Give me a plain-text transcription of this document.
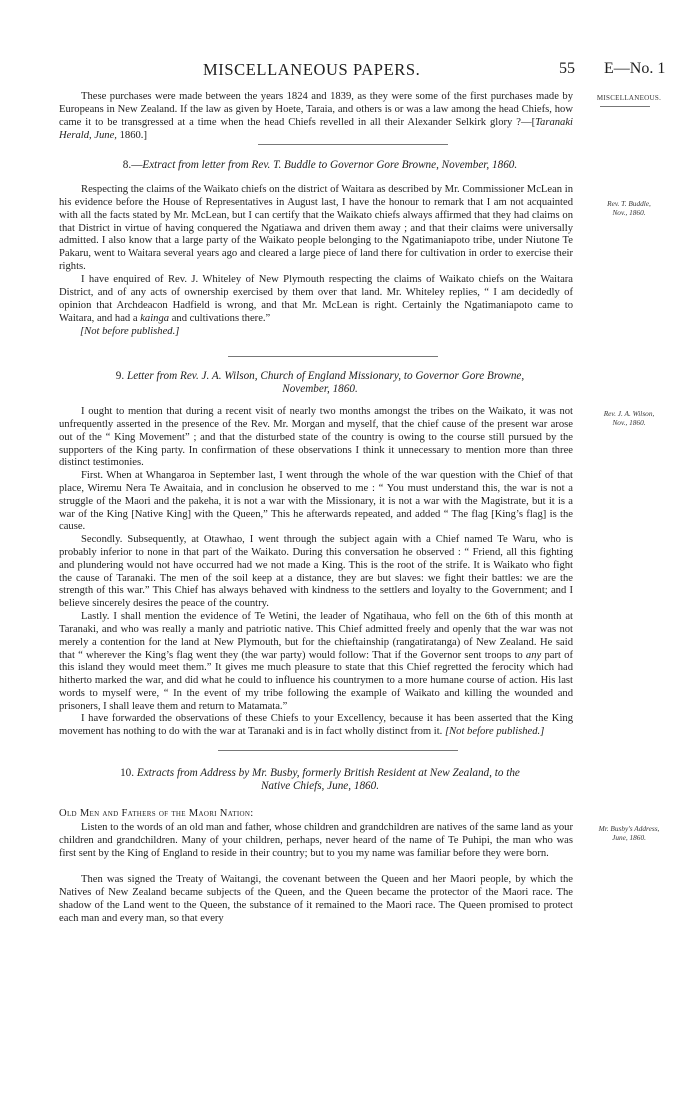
MISCELLANEOUS PAPERS.	55 E—No. 1

These purchases were made between the years 1824 and 1839, as they were some of the first purchases made by Europeans in New Zealand. If the law as given by Hoete, Taraia, and others is or was a law among the head Chiefs, how came it to be transgressed at a time when the head Chiefs revelled in all their Alexander Selkirk glory ?—[Taranaki Herald, June, 1860.]

MISCELLANEOUS.

8.—Extract from letter from Rev. T. Buddle to Governor Gore Browne, November, 1860.

Respecting the claims of the Waikato chiefs on the district of Waitara as described by Mr. Commissioner McLean in his evidence before the House of Representatives in August last, I have the honour to remark that I am not acquainted with all the facts stated by Mr. McLean, but I can certify that the Waikato chiefs always affirmed that they had claims on that District in virtue of having conquered the Ngatiawa and driven them away ; and that their claims were universally admitted. I also know that a large party of the Waikato people belonging to the Ngatimaniapoto tribe, under Niutone Te Pakaru, went to Waitara several years ago and cleared a large piece of land there for cultivation in order to exercise their rights.

Rev. T. Buddle,
Nov., 1860.

I have enquired of Rev. J. Whiteley of New Plymouth respecting the claims of Waikato chiefs on the Waitara District, and of any acts of ownership exercised by them over that land. Mr. Whiteley replies, “ I am decidedly of opinion that Archdeacon Hadfield is wrong, and that Mr. McLean is right. Certainly the Ngatimaniapoto came to Waitara, and had a kainga and cultivations there.”

[Not before published.]

9. Letter from Rev. J. A. Wilson, Church of England Missionary, to Governor Gore Browne,
November, 1860.

I ought to mention that during a recent visit of nearly two months amongst the tribes on the Waikato, it was not unfrequently asserted in the presence of the Rev. Mr. Morgan and myself, that the chief cause of the present war arose out of the “ King Movement” ; and that the disturbed state of the country is owing to the course still pursued by the supporters of the King party. In confirmation of these observations I think it unnecessary to mention more than three distinct testimonies.

Rev. J. A. Wilson,
Nov., 1860.

First. When at Whangaroa in September last, I went through the whole of the war question with the Chief of that place, Wiremu Nera Te Awaitaia, and in conclusion he observed to me : “ You must understand this, the war is not a struggle of the Maori and the pakeha, it is not a war with the Missionary, it is not a war with the Magistrate, but it is a war of the King [Native King] with the Queen,” This he afterwards repeated, and added “ The flag [King’s flag] is the cause.

Secondly. Subsequently, at Otawhao, I went through the subject again with a Chief named Te Waru, who is probably inferior to none in that part of the Waikato. During this conversation he observed : “ Friend, all this fighting and plundering would not have occurred had we not made a King. This is the root of the strife. It is Waikato who fight the cause of Taranaki. The men of the soil keep at a distance, they are but slaves: we fight their battles: we are the strength of this war.” This Chief has always behaved with kindness to the settlers and loyalty to the Government; and I believe sincerely desires the peace of the country.

Lastly. I shall mention the evidence of Te Wetini, the leader of Ngatihaua, who fell on the 6th of this month at Taranaki, and who was really a manly and patriotic native. This Chief admitted freely and openly that the war was not merely a contention for the land at New Plymouth, but for the chieftainship (rangatiratanga) of New Zealand. He said that “ wherever the King’s flag went they (the war party) would follow: That if the Governor sent troops to any part of this island they would meet them.” It gives me much pleasure to state that this Chief regretted the ferocity which had hitherto marked the war, and did what he could to influence his countrymen to a more humane course of action. His last words to myself were, “ In the event of my tribe following the example of Waikato and killing the wounded and prisoners, I shall leave them and return to Matamata.”

I have forwarded the observations of these Chiefs to your Excellency, because it has been asserted that the King movement has nothing to do with the war at Taranaki and is in fact wholly distinct from it. [Not before published.]

10. Extracts from Address by Mr. Busby, formerly British Resident at New Zealand, to the
Native Chiefs, June, 1860.

Old Men and Fathers of the Maori Nation:

Listen to the words of an old man and father, whose children and grandchildren are natives of the same land as your children and grandchildren. Many of your children, perhaps, never heard of the name of Te Puhipi, the man who was first sent by the King of England to reside in their country; but to you my name was familiar before they were born.

Mr. Busby's Address,
June, 1860.

Then was signed the Treaty of Waitangi, the covenant between the Queen and her Maori people, by which the Natives of New Zealand became subjects of the Queen, and the Queen became the protector of the Maori race. The shadow of the Land went to the Queen, the substance of it remained to the Maori race. The Queen promised to protect each man and every man, so that every
